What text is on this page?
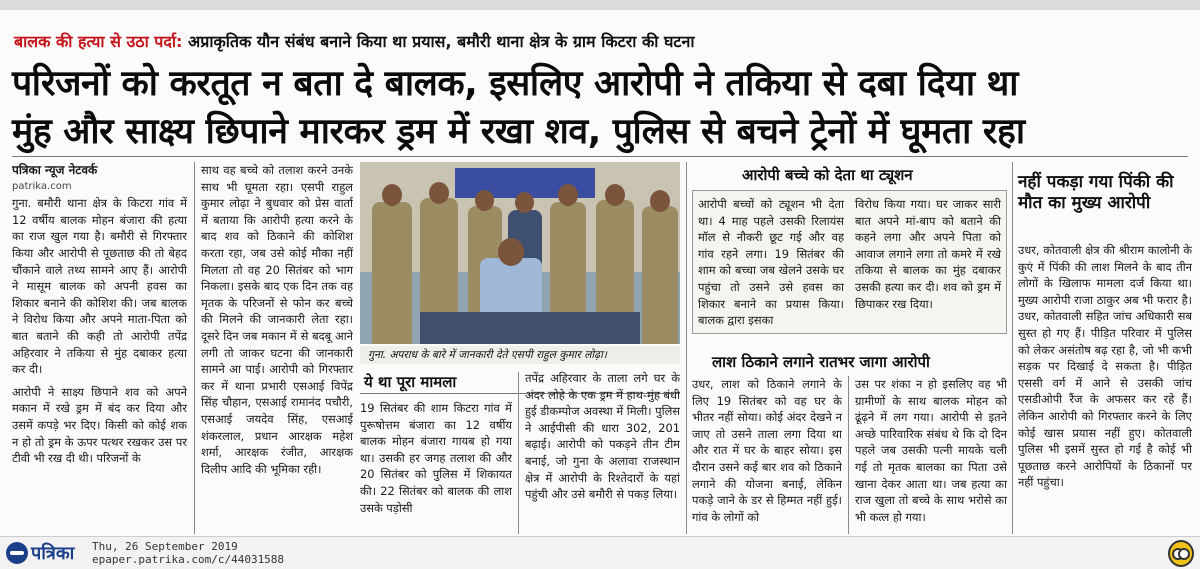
बालक की हत्या से उठा पर्दा: अप्राकृतिक यौन संबंध बनाने किया था प्रयास, बमौरी थाना क्षेत्र के ग्राम किटरा की घटना
परिजनों को करतूत न बता दे बालक, इसलिए आरोपी ने तकिया से दबा दिया था
मुंह और साक्ष्य छिपाने मारकर ड्रम में रखा शव, पुलिस से बचने ट्रेनों में घूमता रहा
पत्रिका न्यूज नेटवर्क
patrika.com

गुना. बमौरी थाना क्षेत्र के किटरा गांव में 12 वर्षीय बालक मोहन बंजारा की हत्या का राज खुल गया है। बमौरी से गिरफ्तार किया और आरोपी से पूछताछ की तो बेहद चौंकाने वाले तथ्य सामने आए हैं। आरोपी ने मासूम बालक को अपनी हवस का शिकार बनाने की कोशिश की। जब बालक ने विरोध किया और अपने माता-पिता को बात बताने की कही तो आरोपी तपेंद्र अहिरवार ने तकिया से मुंह दबाकर हत्या कर दी।

आरोपी ने साक्ष्य छिपाने शव को अपने मकान में रखे ड्रम में बंद कर दिया और उसमें कपड़े भर दिए। किसी को कोई शक न हो तो ड्रम के ऊपर पत्थर रखकर उस पर टीवी भी रख दी थी। परिजनों के

साथ वह बच्चे को तलाश करने उनके साथ भी घूमता रहा। एसपी राहुल कुमार लोढ़ा ने बुधवार को प्रेस वार्ता में बताया कि आरोपी हत्या करने के बाद शव को ठिकाने की कोशिश करता रहा, जब उसे कोई मौका नहीं मिलता तो वह 20 सितंबर को भाग निकला। इसके बाद एक दिन तक वह मृतक के परिजनों से फोन कर बच्चे की मिलने की जानकारी लेता रहा। दूसरे दिन जब मकान में से बदबू आने लगी तो जाकर घटना की जानकारी सामने आ पाई। आरोपी को गिरफ्तार कर में थाना प्रभारी एसआई विपेंद्र सिंह चौहान, एसआई रामानंद पचौरी, एसआई जयदेव सिंह, एसआई शंकरलाल, प्रधान आरक्षक महेश शर्मा, आरक्षक रंजीत, आरक्षक दिलीप आदि की भूमिका रही।

गुना. अपराध के बारे में जानकारी देते एसपी राहुल कुमार लोढ़ा।
ये था पूरा मामला

19 सितंबर की शाम किटरा गांव में पुरूषोत्तम बंजारा का 12 वर्षीय बालक मोहन बंजारा गायब हो गया था। उसकी हर जगह तलाश की और 20 सितंबर को पुलिस में शिकायत की। 22 सितंबर को बालक की लाश उसके पड़ोसी

तपेंद्र अहिरवार के ताला लगे घर के अंदर लोहे के एक ड्रम में हाथ-मुंह बंधी हुई डीकम्पोज अवस्था में मिली। पुलिस ने आईपीसी की धारा 302, 201 बढ़ाई। आरोपी को पकड़ने तीन टीम बनाई, जो गुना के अलावा राजस्थान क्षेत्र में आरोपी के रिश्तेदारों के यहां पहुंची और उसे बमौरी से पकड़ लिया।

आरोपी बच्चे को देता था ट्यूशन

आरोपी बच्चों को ट्यूशन भी देता था। 4 माह पहले उसकी रिलायंस मॉल से नौकरी छूट गई और वह गांव रहने लगा। 19 सितंबर की शाम को बच्चा जब खेलने उसके घर पहुंचा तो उसने उसे हवस का शिकार बनाने का प्रयास किया। बालक द्वारा इसका

विरोध किया गया। घर जाकर सारी बात अपने मां-बाप को बताने की कहने लगा और अपने पिता को आवाज लगाने लगा तो कमरे में रखे तकिया से बालक का मुंह दबाकर उसकी हत्या कर दी। शव को ड्रम में छिपाकर रख दिया।

लाश ठिकाने लगाने रातभर जागा आरोपी

उधर, लाश को ठिकाने लगाने के लिए 19 सितंबर को वह घर के भीतर नहीं सोया। कोई अंदर देखने न जाए तो उसने ताला लगा दिया था और रात में घर के बाहर सोया। इस दौरान उसने कई बार शव को ठिकाने लगाने की योजना बनाई, लेकिन पकड़े जाने के डर से हिम्मत नहीं हुई। गांव के लोगों को

उस पर शंका न हो इसलिए वह भी ग्रामीणों के साथ बालक मोहन को ढूंढ़ने में लग गया। आरोपी से इतने अच्छे पारिवारिक संबंध थे कि दो दिन पहले जब उसकी पत्नी मायके चली गई तो मृतक बालका का पिता उसे खाना देकर आता था। जब हत्या का राज खुला तो बच्चे के साथ भरोसे का भी कत्ल हो गया।

नहीं पकड़ा गया पिंकी की मौत का मुख्य आरोपी

उधर, कोतवाली क्षेत्र की श्रीराम कालोनी के कुएं में पिंकी की लाश मिलने के बाद तीन लोगों के खिलाफ मामला दर्ज किया था। मुख्य आरोपी राजा ठाकुर अब भी फरार है। उधर, कोतवाली सहित जांच अधिकारी सब सुस्त हो गए हैं। पीड़ित परिवार में पुलिस को लेकर असंतोष बढ़ रहा है, जो भी कभी सड़क पर दिखाई दे सकता है। पीड़ित एससी वर्ग में आने से उसकी जांच एसडीओपी रैंज के अफसर कर रहे हैं। लेकिन आरोपी को गिरफ्तार करने के लिए कोई खास प्रयास नहीं हुए। कोतवाली पुलिस भी इसमें सुस्त हो गई है कोई भी पूछताछ करने आरोपियों के ठिकानों पर नहीं पहुंचा।

पत्रिका Thu, 26 September 2019
epaper.patrika.com/c/44031588
